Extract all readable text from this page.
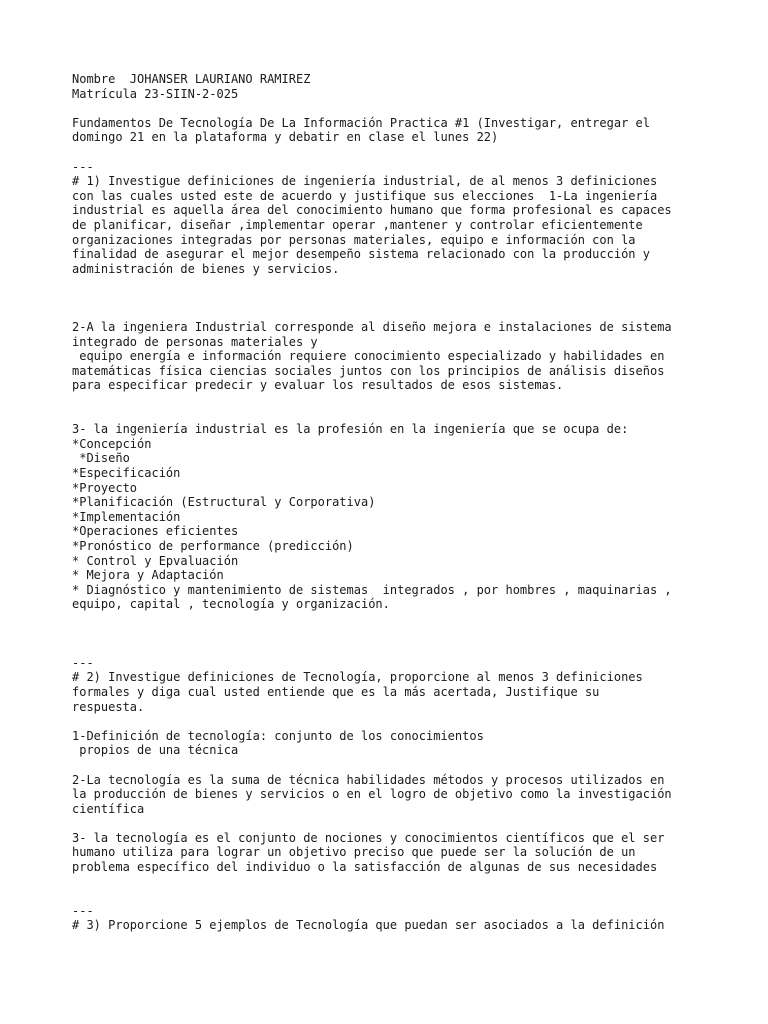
Nombre  JOHANSER LAURIANO RAMIREZ
Matrícula 23-SIIN-2-025
Fundamentos De Tecnología De La Información Practica #1 (Investigar, entregar el
domingo 21 en la plataforma y debatir en clase el lunes 22)
---
# 1) Investigue definiciones de ingeniería industrial, de al menos 3 definiciones
con las cuales usted este de acuerdo y justifique sus elecciones  1-La ingeniería
industrial es aquella área del conocimiento humano que forma profesional es capaces
de planificar, diseñar ,implementar operar ,mantener y controlar eficientemente
organizaciones integradas por personas materiales, equipo e información con la
finalidad de asegurar el mejor desempeño sistema relacionado con la producción y
administración de bienes y servicios.
2-A la ingeniera Industrial corresponde al diseño mejora e instalaciones de sistema
integrado de personas materiales y
equipo energía e información requiere conocimiento especializado y habilidades en
matemáticas física ciencias sociales juntos con los principios de análisis diseños
para especificar predecir y evaluar los resultados de esos sistemas.
3- la ingeniería industrial es la profesión en la ingeniería que se ocupa de:
*Concepción
*Diseño
*Especificación
*Proyecto
*Planificación (Estructural y Corporativa)
*Implementación
*Operaciones eficientes
*Pronóstico de performance (predicción)
* Control y Epvaluación
* Mejora y Adaptación
* Diagnóstico y mantenimiento de sistemas  integrados , por hombres , maquinarias ,
equipo, capital , tecnología y organización.
---
# 2) Investigue definiciones de Tecnología, proporcione al menos 3 definiciones
formales y diga cual usted entiende que es la más acertada, Justifique su
respuesta.
1-Definición de tecnología: conjunto de los conocimientos
propios de una técnica
2-La tecnología es la suma de técnica habilidades métodos y procesos utilizados en
la producción de bienes y servicios o en el logro de objetivo como la investigación
científica
3- la tecnología es el conjunto de nociones y conocimientos científicos que el ser
humano utiliza para lograr un objetivo preciso que puede ser la solución de un
problema específico del individuo o la satisfacción de algunas de sus necesidades
---
# 3) Proporcione 5 ejemplos de Tecnología que puedan ser asociados a la definición
